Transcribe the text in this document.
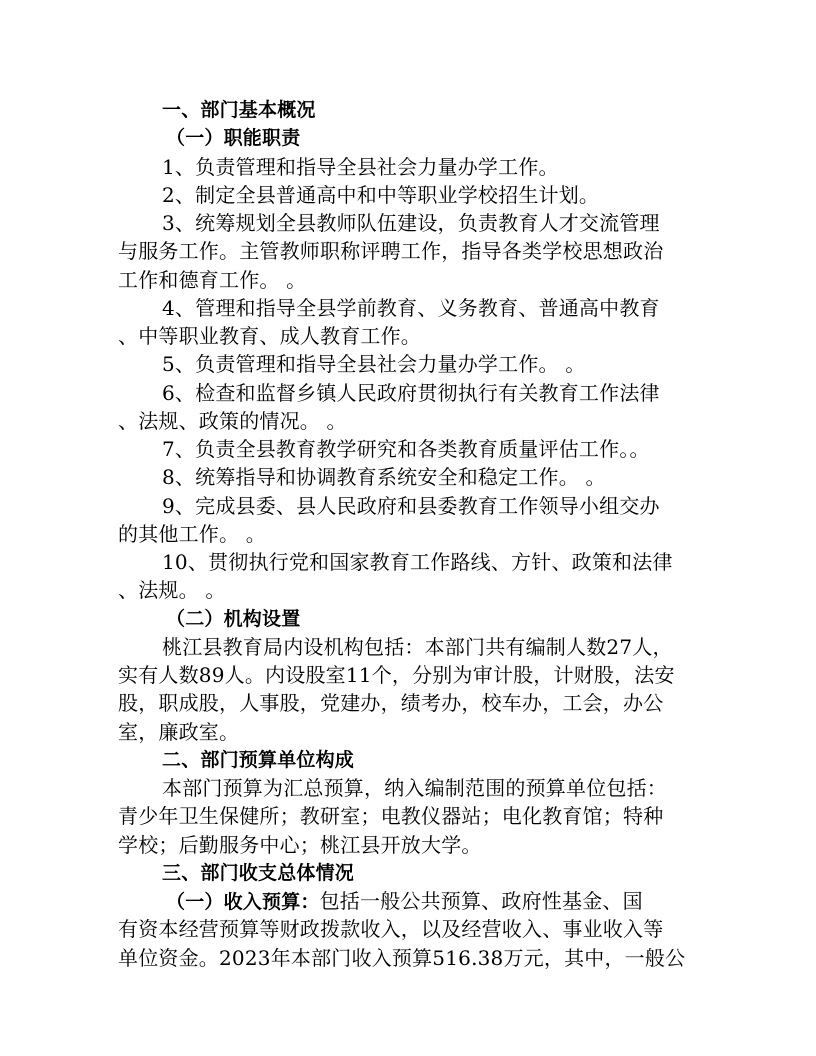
一、部门基本概况
（一）职能职责
1、负责管理和指导全县社会力量办学工作。
2、制定全县普通高中和中等职业学校招生计划。
3、统筹规划全县教师队伍建设，负责教育人才交流管理
与服务工作。主管教师职称评聘工作，指导各类学校思想政治
工作和德育工作。 。
4、管理和指导全县学前教育、义务教育、普通高中教育
、中等职业教育、成人教育工作。
5、负责管理和指导全县社会力量办学工作。 。
6、检查和监督乡镇人民政府贯彻执行有关教育工作法律
、法规、政策的情况。 。
7、负责全县教育教学研究和各类教育质量评估工作。。
8、统筹指导和协调教育系统安全和稳定工作。 。
9、完成县委、县人民政府和县委教育工作领导小组交办
的其他工作。 。
10、贯彻执行党和国家教育工作路线、方针、政策和法律
、法规。 。
（二）机构设置
桃江县教育局内设机构包括：本部门共有编制人数27人，
实有人数89人。内设股室11个，分别为审计股，计财股，法安
股，职成股，人事股，党建办，绩考办，校车办，工会，办公
室，廉政室。
二、部门预算单位构成
本部门预算为汇总预算，纳入编制范围的预算单位包括：
青少年卫生保健所；教研室；电教仪器站；电化教育馆；特种
学校；后勤服务中心；桃江县开放大学。
三、部门收支总体情况
（一）收入预算：包括一般公共预算、政府性基金、国
有资本经营预算等财政拨款收入，以及经营收入、事业收入等
单位资金。2023年本部门收入预算516.38万元，其中，一般公
